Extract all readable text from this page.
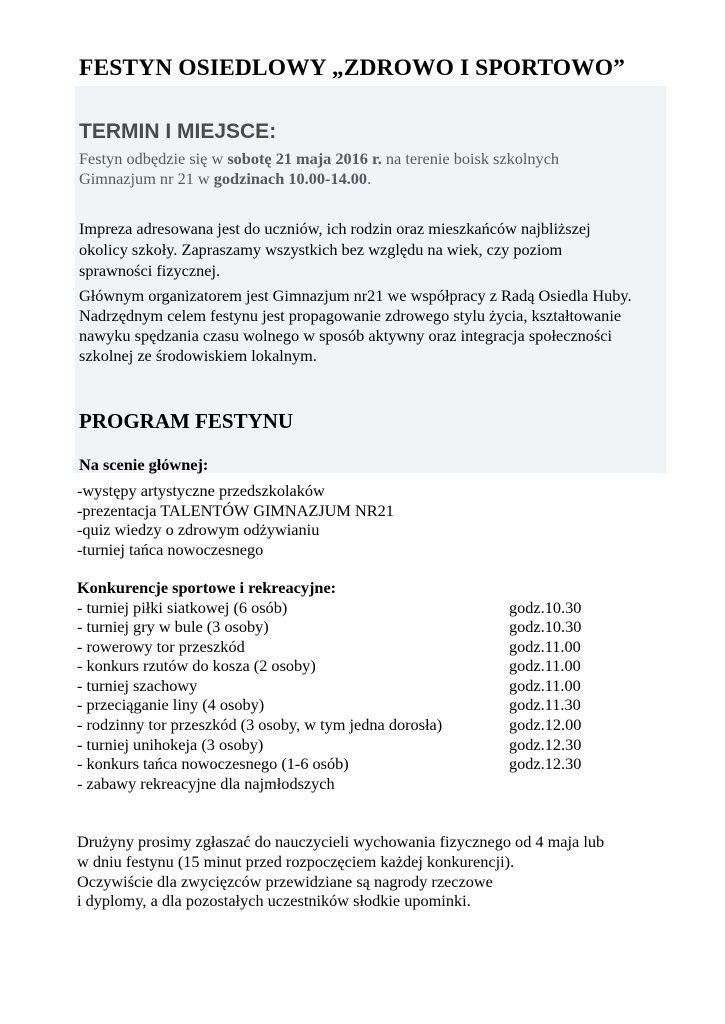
FESTYN OSIEDLOWY „ZDROWO I SPORTOWO”
TERMIN I MIEJSCE:
Festyn odbędzie się w sobotę 21 maja 2016 r. na terenie boisk szkolnych
Gimnazjum nr 21 w godzinach 10.00-14.00.
Impreza adresowana jest do uczniów, ich rodzin oraz mieszkańców najbliższej
okolicy szkoły. Zapraszamy wszystkich bez względu na wiek, czy poziom
sprawności fizycznej.
Głównym organizatorem jest Gimnazjum nr21 we współpracy z Radą Osiedla Huby.
Nadrzędnym celem festynu jest propagowanie zdrowego stylu życia, kształtowanie
nawyku spędzania czasu wolnego w sposób aktywny oraz integracja społeczności
szkolnej ze środowiskiem lokalnym.
PROGRAM FESTYNU
Na scenie głównej:
-występy artystyczne przedszkolaków
-prezentacja TALENTÓW GIMNAZJUM NR21
-quiz wiedzy o zdrowym odżywianiu
-turniej tańca nowoczesnego
Konkurencje sportowe i rekreacyjne:
- turniej piłki siatkowej (6 osób)	godz.10.30
- turniej gry w bule (3 osoby)	godz.10.30
- rowerowy tor przeszkód	godz.11.00
- konkurs rzutów do kosza (2 osoby)	godz.11.00
- turniej szachowy	godz.11.00
- przeciąganie liny (4 osoby)	godz.11.30
- rodzinny tor przeszkód (3 osoby, w tym jedna dorosła)	godz.12.00
- turniej unihokeja (3 osoby)	godz.12.30
- konkurs tańca nowoczesnego (1-6 osób)	godz.12.30
- zabawy rekreacyjne dla najmłodszych
Drużyny prosimy zgłaszać do nauczycieli wychowania fizycznego od 4 maja lub
w dniu festynu (15 minut przed rozpoczęciem każdej konkurencji).
Oczywiście dla zwycięzców przewidziane są nagrody rzeczowe
i dyplomy, a dla pozostałych uczestników słodkie upominki.
